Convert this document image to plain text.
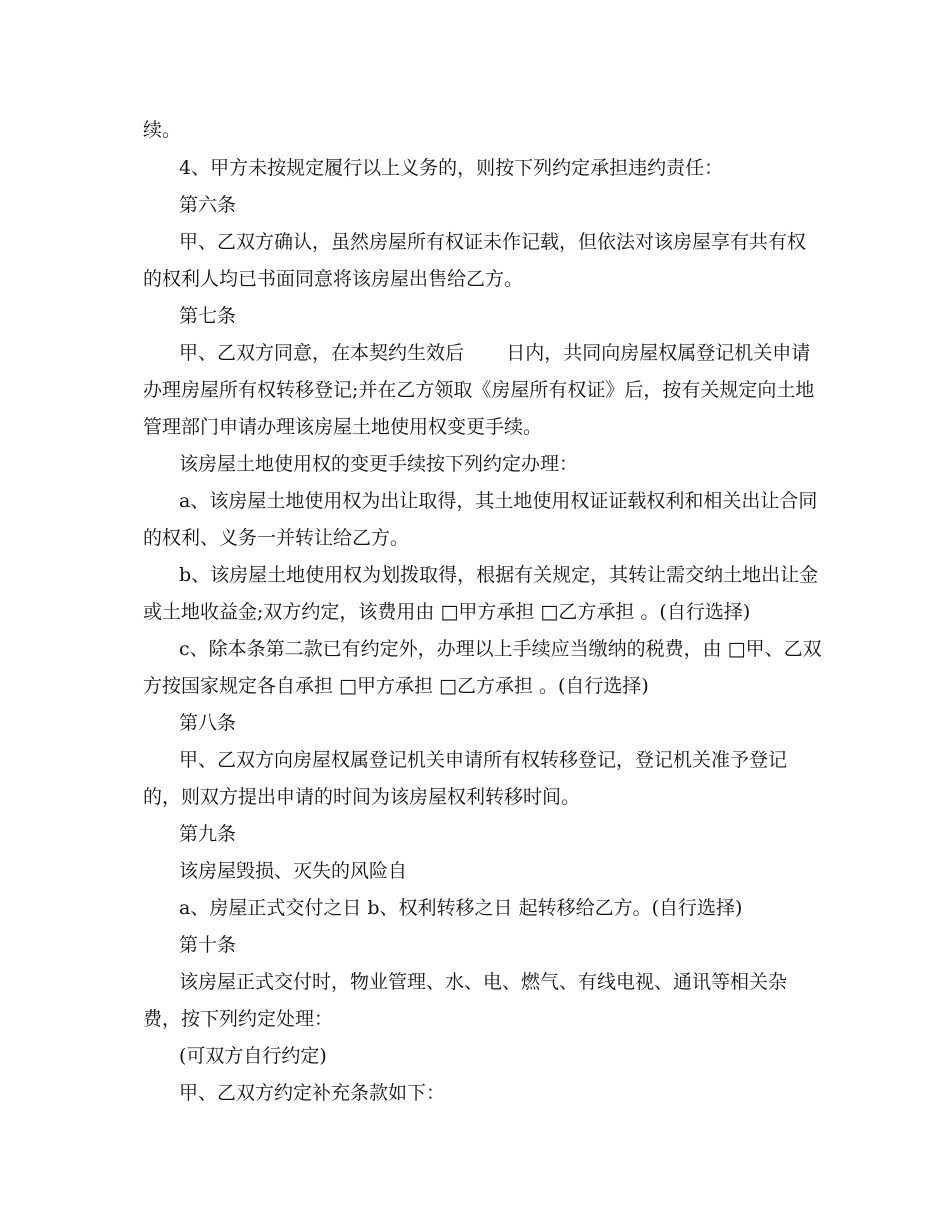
续。
4、甲方未按规定履行以上义务的，则按下列约定承担违约责任：
第六条
甲、乙双方确认，虽然房屋所有权证未作记载，但依法对该房屋享有共有权
的权利人均已书面同意将该房屋出售给乙方。
第七条
甲、乙双方同意，在本契约生效后       日内，共同向房屋权属登记机关申请
办理房屋所有权转移登记;并在乙方领取《房屋所有权证》后，按有关规定向土地
管理部门申请办理该房屋土地使用权变更手续。
该房屋土地使用权的变更手续按下列约定办理：
a、该房屋土地使用权为出让取得，其土地使用权证证载权利和相关出让合同
的权利、义务一并转让给乙方。
b、该房屋土地使用权为划拨取得，根据有关规定，其转让需交纳土地出让金
或土地收益金;双方约定，该费用由 □甲方承担 □乙方承担 。(自行选择)
c、除本条第二款已有约定外，办理以上手续应当缴纳的税费，由 □甲、乙双
方按国家规定各自承担 □甲方承担 □乙方承担 。(自行选择)
第八条
甲、乙双方向房屋权属登记机关申请所有权转移登记，登记机关准予登记
的，则双方提出申请的时间为该房屋权利转移时间。
第九条
该房屋毁损、灭失的风险自
a、房屋正式交付之日 b、权利转移之日 起转移给乙方。(自行选择)
第十条
该房屋正式交付时，物业管理、水、电、燃气、有线电视、通讯等相关杂
费，按下列约定处理：
(可双方自行约定)
甲、乙双方约定补充条款如下：
